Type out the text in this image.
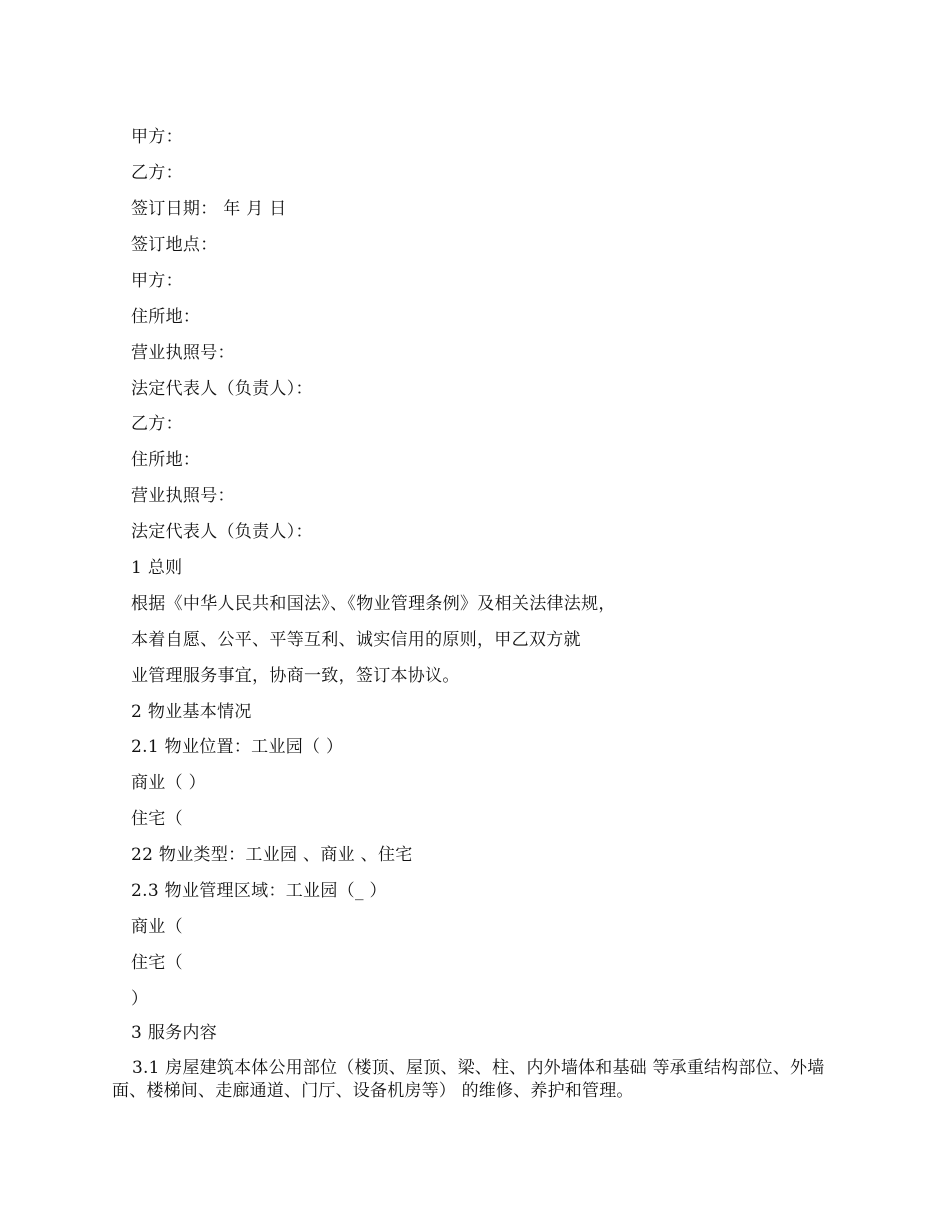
甲方：
乙方：
签订日期： 年 月 日
签订地点：
甲方：
住所地：
营业执照号：
法定代表人（负责人）：
乙方：
住所地：
营业执照号：
法定代表人（负责人）：
1 总则
根据《中华人民共和国法》、《物业管理条例》及相关法律法规，
本着自愿、公平、平等互利、诚实信用的原则，甲乙双方就
业管理服务事宜，协商一致，签订本协议。
2 物业基本情况
2.1 物业位置：工业园（ ）
商业（ ）
住宅（
22 物业类型：工业园 、商业 、住宅
2.3 物业管理区域：工业园（_ ）
商业（
住宅（
）
3 服务内容
3.1 房屋建筑本体公用部位（楼顶、屋顶、梁、柱、内外墙体和基础 等承重结构部位、外墙面、楼梯间、走廊通道、门厅、设备机房等） 的维修、养护和管理。
